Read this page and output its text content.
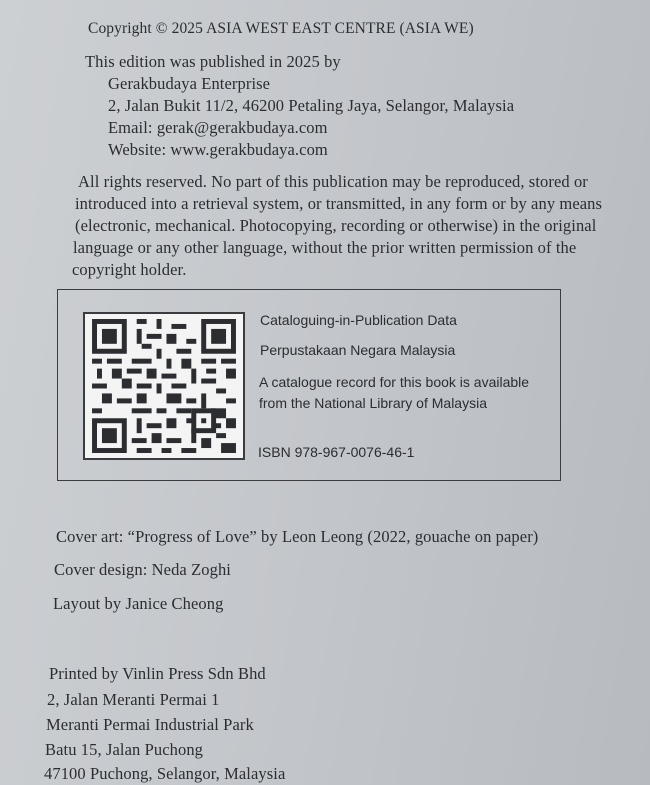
Copyright © 2025 ASIA WEST EAST CENTRE (ASIA WE)
This edition was published in 2025 by
Gerakbudaya Enterprise
2, Jalan Bukit 11/2, 46200 Petaling Jaya, Selangor, Malaysia
Email: gerak@gerakbudaya.com
Website: www.gerakbudaya.com
All rights reserved. No part of this publication may be reproduced, stored or
introduced into a retrieval system, or transmitted, in any form or by any means
(electronic, mechanical. Photocopying, recording or otherwise) in the original
language or any other language, without the prior written permission of the
copyright holder.
Cataloguing-in-Publication Data
Perpustakaan Negara Malaysia
A catalogue record for this book is available
from the National Library of Malaysia
ISBN 978-967-0076-46-1
Cover art: “Progress of Love” by Leon Leong (2022, gouache on paper)
Cover design: Neda Zoghi
Layout by Janice Cheong
Printed by Vinlin Press Sdn Bhd
2, Jalan Meranti Permai 1
Meranti Permai Industrial Park
Batu 15, Jalan Puchong
47100 Puchong, Selangor, Malaysia
